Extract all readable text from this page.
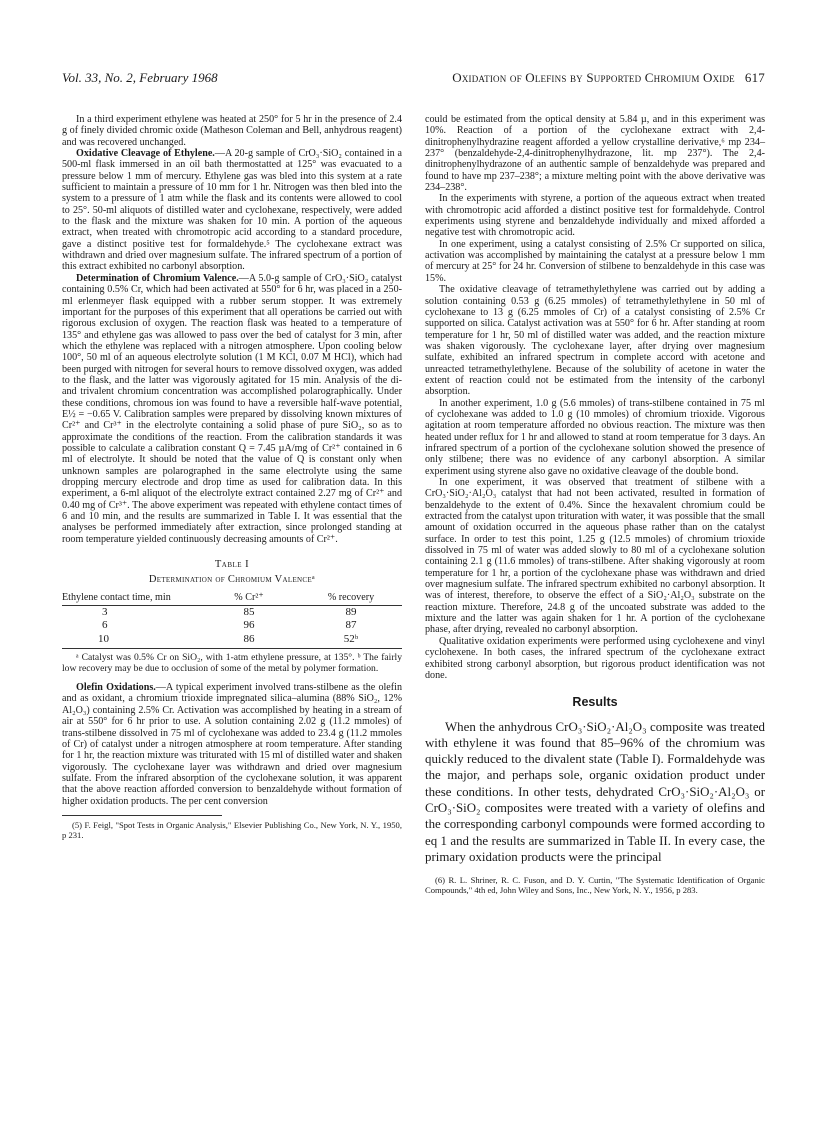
Vol. 33, No. 2, February 1968	Oxidation of Olefins by Supported Chromium Oxide 617

In a third experiment ethylene was heated at 250° for 5 hr in the presence of 2.4 g of finely divided chromic oxide (Matheson Coleman and Bell, anhydrous reagent) and was recovered unchanged.

Oxidative Cleavage of Ethylene.—A 20-g sample of CrO₃·SiO₂ contained in a 500-ml flask immersed in an oil bath thermostatted at 125° was evacuated to a pressure below 1 mm of mercury. Ethylene gas was bled into this system at a rate sufficient to maintain a pressure of 10 mm for 1 hr. Nitrogen was then bled into the system to a pressure of 1 atm while the flask and its contents were allowed to cool to 25°. 50-ml aliquots of distilled water and cyclohexane, respectively, were added to the flask and the mixture was shaken for 10 min. A portion of the aqueous extract, when treated with chromotropic acid according to a standard procedure, gave a distinct positive test for formaldehyde.⁵ The cyclohexane extract was withdrawn and dried over magnesium sulfate. The infrared spectrum of a portion of this extract exhibited no carbonyl absorption.

Determination of Chromium Valence.—A 5.0-g sample of CrO₃·SiO₂ catalyst containing 0.5% Cr, which had been activated at 550° for 6 hr, was placed in a 250-ml erlenmeyer flask equipped with a rubber serum stopper. It was extremely important for the purposes of this experiment that all operations be carried out with rigorous exclusion of oxygen. The reaction flask was heated to a temperature of 135° and ethylene gas was allowed to pass over the bed of catalyst for 3 min, after which the ethylene was replaced with a nitrogen atmosphere. Upon cooling below 100°, 50 ml of an aqueous electrolyte solution (1 M KCl, 0.07 M HCl), which had been purged with nitrogen for several hours to remove dissolved oxygen, was added to the flask, and the latter was vigorously agitated for 15 min. Analysis of the di- and trivalent chromium concentration was accomplished polarographically. Under these conditions, chromous ion was found to have a reversible half-wave potential, E½ = −0.65 V. Calibration samples were prepared by dissolving known mixtures of Cr²⁺ and Cr³⁺ in the electrolyte containing a solid phase of pure SiO₂, so as to approximate the conditions of the reaction. From the calibration standards it was possible to calculate a calibration constant Q = 7.45 µA/mg of Cr²⁺ contained in 6 ml of electrolyte. It should be noted that the value of Q is constant only when unknown samples are polarographed in the same electrolyte using the same dropping mercury electrode and drop time as used for calibration data. In this experiment, a 6-ml aliquot of the electrolyte extract contained 2.27 mg of Cr²⁺ and 0.40 mg of Cr³⁺. The above experiment was repeated with ethylene contact times of 6 and 10 min, and the results are summarized in Table I. It was essential that the analyses be performed immediately after extraction, since prolonged standing at room temperature yielded continuously decreasing amounts of Cr²⁺.

Table I
Determination of Chromium Valenceᵃ
Ethylene contact time, min	% Cr²⁺	% recovery
3	85	89
6	96	87
10	86	52ᵇ
ᵃ Catalyst was 0.5% Cr on SiO₂, with 1-atm ethylene pressure, at 135°. ᵇ The fairly low recovery may be due to occlusion of some of the metal by polymer formation.

Olefin Oxidations.—A typical experiment involved trans-stilbene as the olefin and as oxidant, a chromium trioxide impregnated silica–alumina (88% SiO₂, 12% Al₂O₃) containing 2.5% Cr. Activation was accomplished by heating in a stream of air at 550° for 6 hr prior to use. A solution containing 2.02 g (11.2 mmoles) of trans-stilbene dissolved in 75 ml of cyclohexane was added to 23.4 g (11.2 mmoles of Cr) of catalyst under a nitrogen atmosphere at room temperature. After standing for 1 hr, the reaction mixture was triturated with 15 ml of distilled water and shaken vigorously. The cyclohexane layer was withdrawn and dried over magnesium sulfate. From the infrared absorption of the cyclohexane solution, it was apparent that the above reaction afforded conversion to benzaldehyde without formation of higher oxidation products. The per cent conversion

(5) F. Feigl, "Spot Tests in Organic Analysis," Elsevier Publishing Co., New York, N. Y., 1950, p 231.

could be estimated from the optical density at 5.84 µ, and in this experiment was 10%. Reaction of a portion of the cyclohexane extract with 2,4-dinitrophenylhydrazine reagent afforded a yellow crystalline derivative,⁶ mp 234–237° (benzaldehyde-2,4-dinitrophenylhydrazone, lit. mp 237°). The 2,4-dinitrophenylhydrazone of an authentic sample of benzaldehyde was prepared and found to have mp 237–238°; a mixture melting point with the above derivative was 234–238°.

In the experiments with styrene, a portion of the aqueous extract when treated with chromotropic acid afforded a distinct positive test for formaldehyde. Control experiments using styrene and benzaldehyde individually and mixed afforded a negative test with chromotropic acid.

In one experiment, using a catalyst consisting of 2.5% Cr supported on silica, activation was accomplished by maintaining the catalyst at a pressure below 1 mm of mercury at 25° for 24 hr. Conversion of stilbene to benzaldehyde in this case was 15%.

The oxidative cleavage of tetramethylethylene was carried out by adding a solution containing 0.53 g (6.25 mmoles) of tetramethylethylene in 50 ml of cyclohexane to 13 g (6.25 mmoles of Cr) of a catalyst consisting of 2.5% Cr supported on silica. Catalyst activation was at 550° for 6 hr. After standing at room temperature for 1 hr, 50 ml of distilled water was added, and the reaction mixture was shaken vigorously. The cyclohexane layer, after drying over magnesium sulfate, exhibited an infrared spectrum in complete accord with acetone and unreacted tetramethylethylene. Because of the solubility of acetone in water the extent of reaction could not be estimated from the intensity of the carbonyl absorption.

In another experiment, 1.0 g (5.6 mmoles) of trans-stilbene contained in 75 ml of cyclohexane was added to 1.0 g (10 mmoles) of chromium trioxide. Vigorous agitation at room temperature afforded no obvious reaction. The mixture was then heated under reflux for 1 hr and allowed to stand at room temperatue for 3 days. An infrared spectrum of a portion of the cyclohexane solution showed the presence of only stilbene; there was no evidence of any carbonyl absorption. A similar experiment using styrene also gave no oxidative cleavage of the double bond.

In one experiment, it was observed that treatment of stilbene with a CrO₃·SiO₂·Al₂O₃ catalyst that had not been activated, resulted in formation of benzaldehyde to the extent of 0.4%. Since the hexavalent chromium could be extracted from the catalyst upon trituration with water, it was possible that the small amount of oxidation occurred in the aqueous phase rather than on the catalyst surface. In order to test this point, 1.25 g (12.5 mmoles) of chromium trioxide dissolved in 75 ml of water was added slowly to 80 ml of a cyclohexane solution containing 2.1 g (11.6 mmoles) of trans-stilbene. After shaking vigorously at room temperature for 1 hr, a portion of the cyclohexane phase was withdrawn and dried over magnesium sulfate. The infrared spectrum exhibited no carbonyl absorption. It was of interest, therefore, to observe the effect of a SiO₂·Al₂O₃ substrate on the reaction mixture. Therefore, 24.8 g of the uncoated substrate was added to the mixture and the latter was again shaken for 1 hr. A portion of the cyclohexane phase, after drying, revealed no carbonyl absorption.

Qualitative oxidation experiments were performed using cyclohexene and vinyl cyclohexene. In both cases, the infrared spectrum of the cyclohexane extract exhibited strong carbonyl absorption, but rigorous product identification was not done.

Results

When the anhydrous CrO₃·SiO₂·Al₂O₃ composite was treated with ethylene it was found that 85–96% of the chromium was quickly reduced to the divalent state (Table I). Formaldehyde was the major, and perhaps sole, organic oxidation product under these conditions. In other tests, dehydrated CrO₃·SiO₂·Al₂O₃ or CrO₃·SiO₂ composites were treated with a variety of olefins and the corresponding carbonyl compounds were formed according to eq 1 and the results are summarized in Table II. In every case, the primary oxidation products were the principal

(6) R. L. Shriner, R. C. Fuson, and D. Y. Curtin, "The Systematic Identification of Organic Compounds," 4th ed, John Wiley and Sons, Inc., New York, N. Y., 1956, p 283.
